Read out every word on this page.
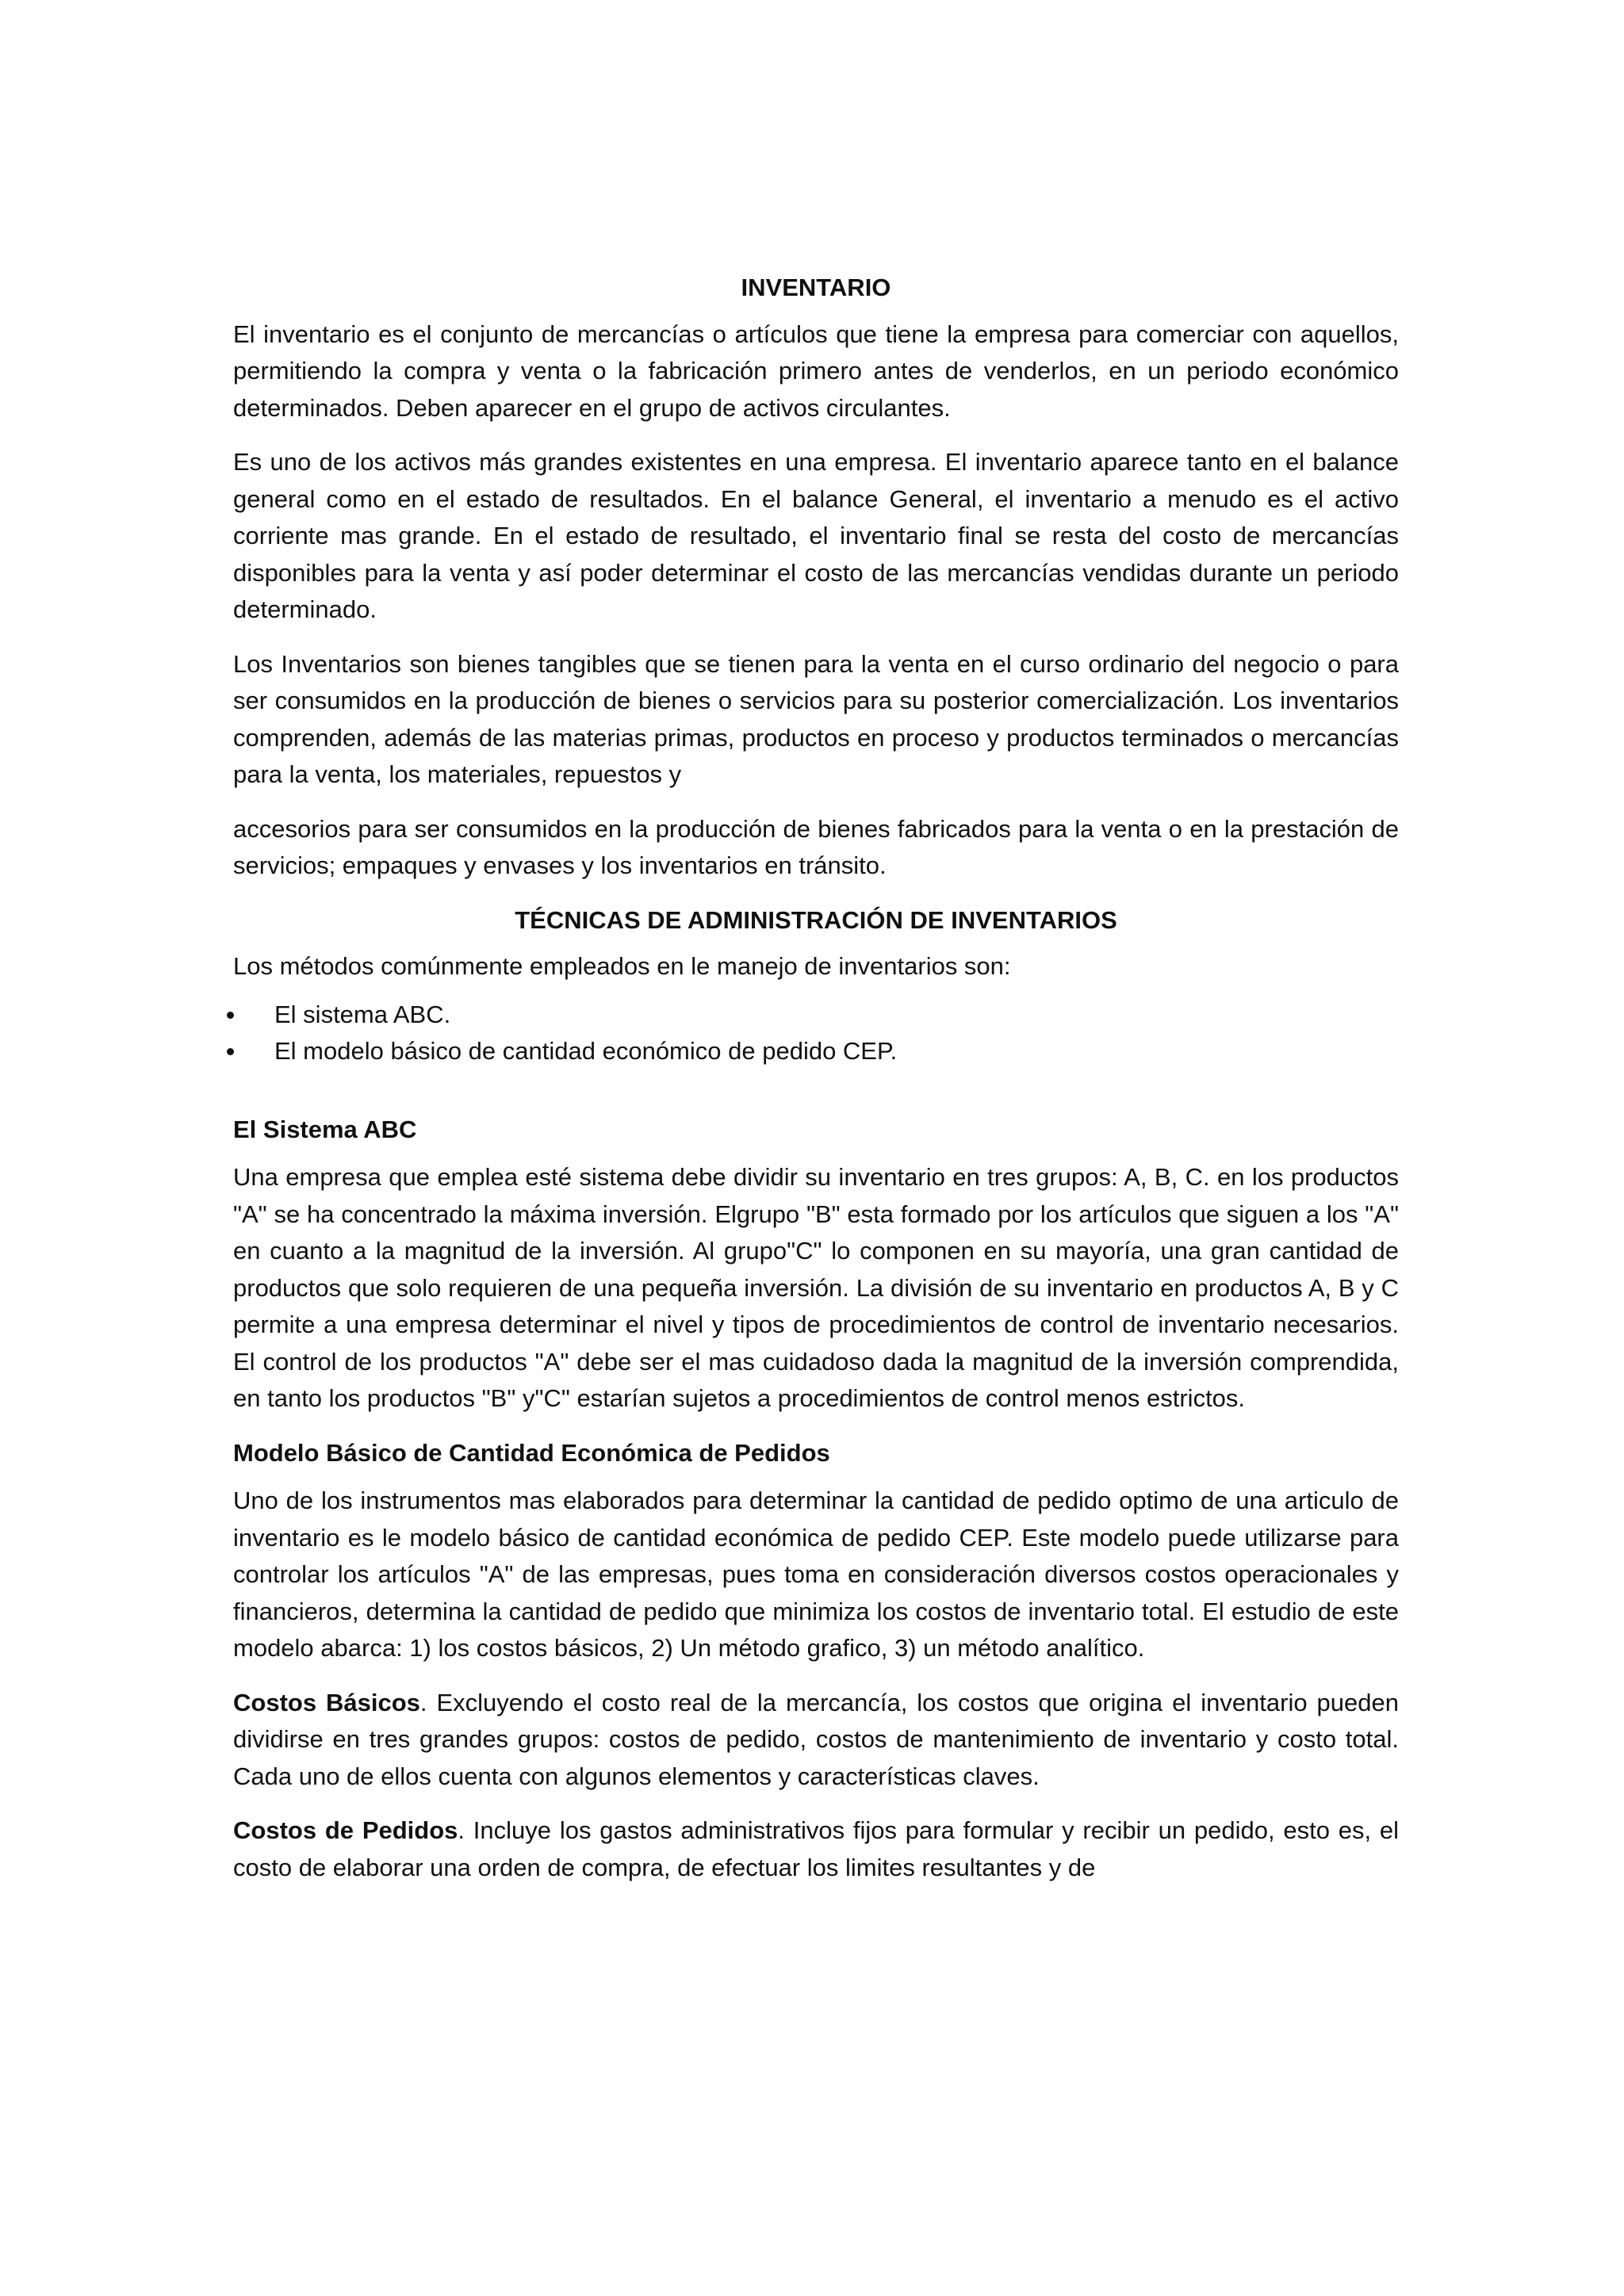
INVENTARIO

El inventario es el conjunto de mercancías o artículos que tiene la empresa para comerciar con aquellos, permitiendo la compra y venta o la fabricación primero antes de venderlos, en un periodo económico determinados. Deben aparecer en el grupo de activos circulantes.

Es uno de los activos más grandes existentes en una empresa. El inventario aparece tanto en el balance general como en el estado de resultados. En el balance General, el inventario a menudo es el activo corriente mas grande. En el estado de resultado, el inventario final se resta del costo de mercancías disponibles para la venta y así poder determinar el costo de las mercancías vendidas durante un periodo determinado.

Los Inventarios son bienes tangibles que se tienen para la venta en el curso ordinario del negocio o para ser consumidos en la producción de bienes o servicios para su posterior comercialización. Los inventarios comprenden, además de las materias primas, productos en proceso y productos terminados o mercancías para la venta, los materiales, repuestos y

accesorios para ser consumidos en la producción de bienes fabricados para la venta o en la prestación de servicios; empaques y envases y los inventarios en tránsito.

TÉCNICAS DE ADMINISTRACIÓN DE INVENTARIOS

Los métodos comúnmente empleados en le manejo de inventarios son:

El sistema ABC.
El modelo básico de cantidad económico de pedido CEP.
El Sistema ABC

Una empresa que emplea esté sistema debe dividir su inventario en tres grupos: A, B, C. en los productos "A" se ha concentrado la máxima inversión. Elgrupo "B" esta formado por los artículos que siguen a los "A" en cuanto a la magnitud de la inversión. Al grupo"C" lo componen en su mayoría, una gran cantidad de productos que solo requieren de una pequeña inversión. La división de su inventario en productos A, B y C permite a una empresa determinar el nivel y tipos de procedimientos de control de inventario necesarios. El control de los productos "A" debe ser el mas cuidadoso dada la magnitud de la inversión comprendida, en tanto los productos "B" y"C" estarían sujetos a procedimientos de control menos estrictos.

Modelo Básico de Cantidad Económica de Pedidos

Uno de los instrumentos mas elaborados para determinar la cantidad de pedido optimo de una articulo de inventario es le modelo básico de cantidad económica de pedido CEP. Este modelo puede utilizarse para controlar los artículos "A" de las empresas, pues toma en consideración diversos costos operacionales y financieros, determina la cantidad de pedido que minimiza los costos de inventario total. El estudio de este modelo abarca: 1) los costos básicos, 2) Un método grafico, 3) un método analítico.

Costos Básicos. Excluyendo el costo real de la mercancía, los costos que origina el inventario pueden dividirse en tres grandes grupos: costos de pedido, costos de mantenimiento de inventario y costo total. Cada uno de ellos cuenta con algunos elementos y características claves.

Costos de Pedidos. Incluye los gastos administrativos fijos para formular y recibir un pedido, esto es, el costo de elaborar una orden de compra, de efectuar los limites resultantes y de
